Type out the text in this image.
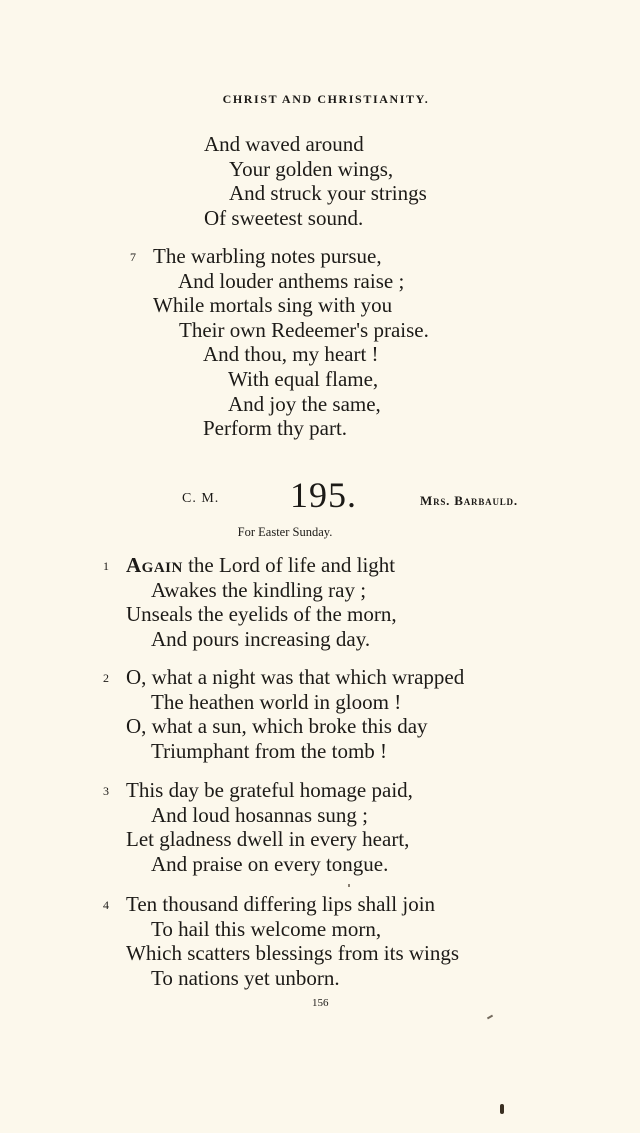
CHRIST AND CHRISTIANITY.
And waved around
Your golden wings,
And struck your strings
Of sweetest sound.
7 The warbling notes pursue,
And louder anthems raise ;
While mortals sing with you
Their own Redeemer's praise.
And thou, my heart !
With equal flame,
And joy the same,
Perform thy part.
C. M. 195.	Mrs. Barbauld.
For Easter Sunday.
1 Again the Lord of life and light
Awakes the kindling ray ;
Unseals the eyelids of the morn,
And pours increasing day.
2 O, what a night was that which wrapped
The heathen world in gloom !
O, what a sun, which broke this day
Triumphant from the tomb !
3 This day be grateful homage paid,
And loud hosannas sung ;
Let gladness dwell in every heart,
And praise on every tongue.
4 Ten thousand differing lips shall join
To hail this welcome morn,
Which scatters blessings from its wings
To nations yet unborn.
156
